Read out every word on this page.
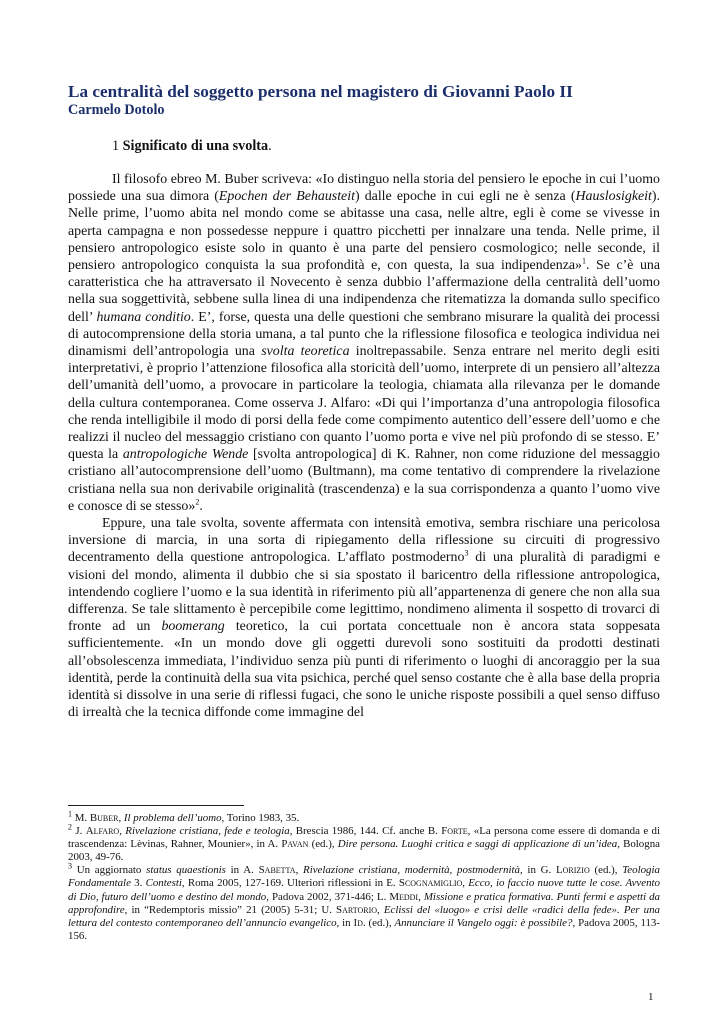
La centralità del soggetto persona nel magistero di Giovanni Paolo II
Carmelo Dotolo
1 Significato di una svolta.

Il filosofo ebreo M. Buber scriveva: «Io distinguo nella storia del pensiero le epoche in cui l’uomo possiede una sua dimora (Epochen der Behausteit) dalle epoche in cui egli ne è senza (Hauslosigkeit). Nelle prime, l’uomo abita nel mondo come se abitasse una casa, nelle altre, egli è come se vivesse in aperta campagna e non possedesse neppure i quattro picchetti per innalzare una tenda. Nelle prime, il pensiero antropologico esiste solo in quanto è una parte del pensiero cosmologico; nelle seconde, il pensiero antropologico conquista la sua profondità e, con questa, la sua indipendenza»$^1$. Se c’è una caratteristica che ha attraversato il Novecento è senza dubbio l’affermazione della centralità dell’uomo nella sua soggettività, sebbene sulla linea di una indipendenza che ritematizza la domanda sullo specifico dell’ humana conditio. E’, forse, questa una delle questioni che sembrano misurare la qualità dei processi di autocomprensione della storia umana, a tal punto che la riflessione filosofica e teologica individua nei dinamismi dell’antropologia una svolta teoretica inoltrepassabile. Senza entrare nel merito degli esiti interpretativi, è proprio l’attenzione filosofica alla storicità dell’uomo, interprete di un pensiero all’altezza dell’umanità dell’uomo, a provocare in particolare la teologia, chiamata alla rilevanza per le domande della cultura contemporanea. Come osserva J. Alfaro: «Di qui l’importanza d’una antropologia filosofica che renda intelligibile il modo di porsi della fede come compimento autentico dell’essere dell’uomo e che realizzi il nucleo del messaggio cristiano con quanto l’uomo porta e vive nel più profondo di se stesso. E’ questa la antropologiche Wende [svolta antropologica] di K. Rahner, non come riduzione del messaggio cristiano all’autocomprensione dell’uomo (Bultmann), ma come tentativo di comprendere la rivelazione cristiana nella sua non derivabile originalità (trascendenza) e la sua corrispondenza a quanto l’uomo vive e conosce di se stesso»$^2$.

Eppure, una tale svolta, sovente affermata con intensità emotiva, sembra rischiare una pericolosa inversione di marcia, in una sorta di ripiegamento della riflessione su circuiti di progressivo decentramento della questione antropologica. L’afflato postmoderno$^3$ di una pluralità di paradigmi e visioni del mondo, alimenta il dubbio che si sia spostato il baricentro della riflessione antropologica, intendendo cogliere l’uomo e la sua identità in riferimento più all’appartenenza di genere che non alla sua differenza. Se tale slittamento è percepibile come legittimo, nondimeno alimenta il sospetto di trovarci di fronte ad un boomerang teoretico, la cui portata concettuale non è ancora stata soppesata sufficientemente. «In un mondo dove gli oggetti durevoli sono sostituiti da prodotti destinati all’obsolescenza immediata, l’individuo senza più punti di riferimento o luoghi di ancoraggio per la sua identità, perde la continuità della sua vita psichica, perché quel senso costante che è alla base della propria identità si dissolve in una serie di riflessi fugaci, che sono le uniche risposte possibili a quel senso diffuso di irrealtà che la tecnica diffonde come immagine del

$^1$ M. Buber, Il problema dell’uomo, Torino 1983, 35.

$^2$ J. Alfaro, Rivelazione cristiana, fede e teologia, Brescia 1986, 144. Cf. anche B. Forte, «La persona come essere di domanda e di trascendenza: Lèvinas, Rahner, Mounier», in A. Pavan (ed.), Dire persona. Luoghi critica e saggi di applicazione di un’idea, Bologna 2003, 49-76.

$^3$ Un aggiornato status quaestionis in A. Sabetta, Rivelazione cristiana, modernità, postmodernità, in G. Lorizio (ed.), Teologia Fondamentale 3. Contesti, Roma 2005, 127-169. Ulteriori riflessioni in E. Scognamiglio, Ecco, io faccio nuove tutte le cose. Avvento di Dio, futuro dell’uomo e destino del mondo, Padova 2002, 371-446; L. Meddi, Missione e pratica formativa. Punti fermi e aspetti da approfondire, in “Redemptoris missio” 21 (2005) 5-31; U. Sartorio, Eclissi del «luogo» e crisi delle «radici della fede». Per una lettura del contesto contemporaneo dell’annuncio evangelico, in Id. (ed.), Annunciare il Vangelo oggi: è possibile?, Padova 2005, 113-156.

1
